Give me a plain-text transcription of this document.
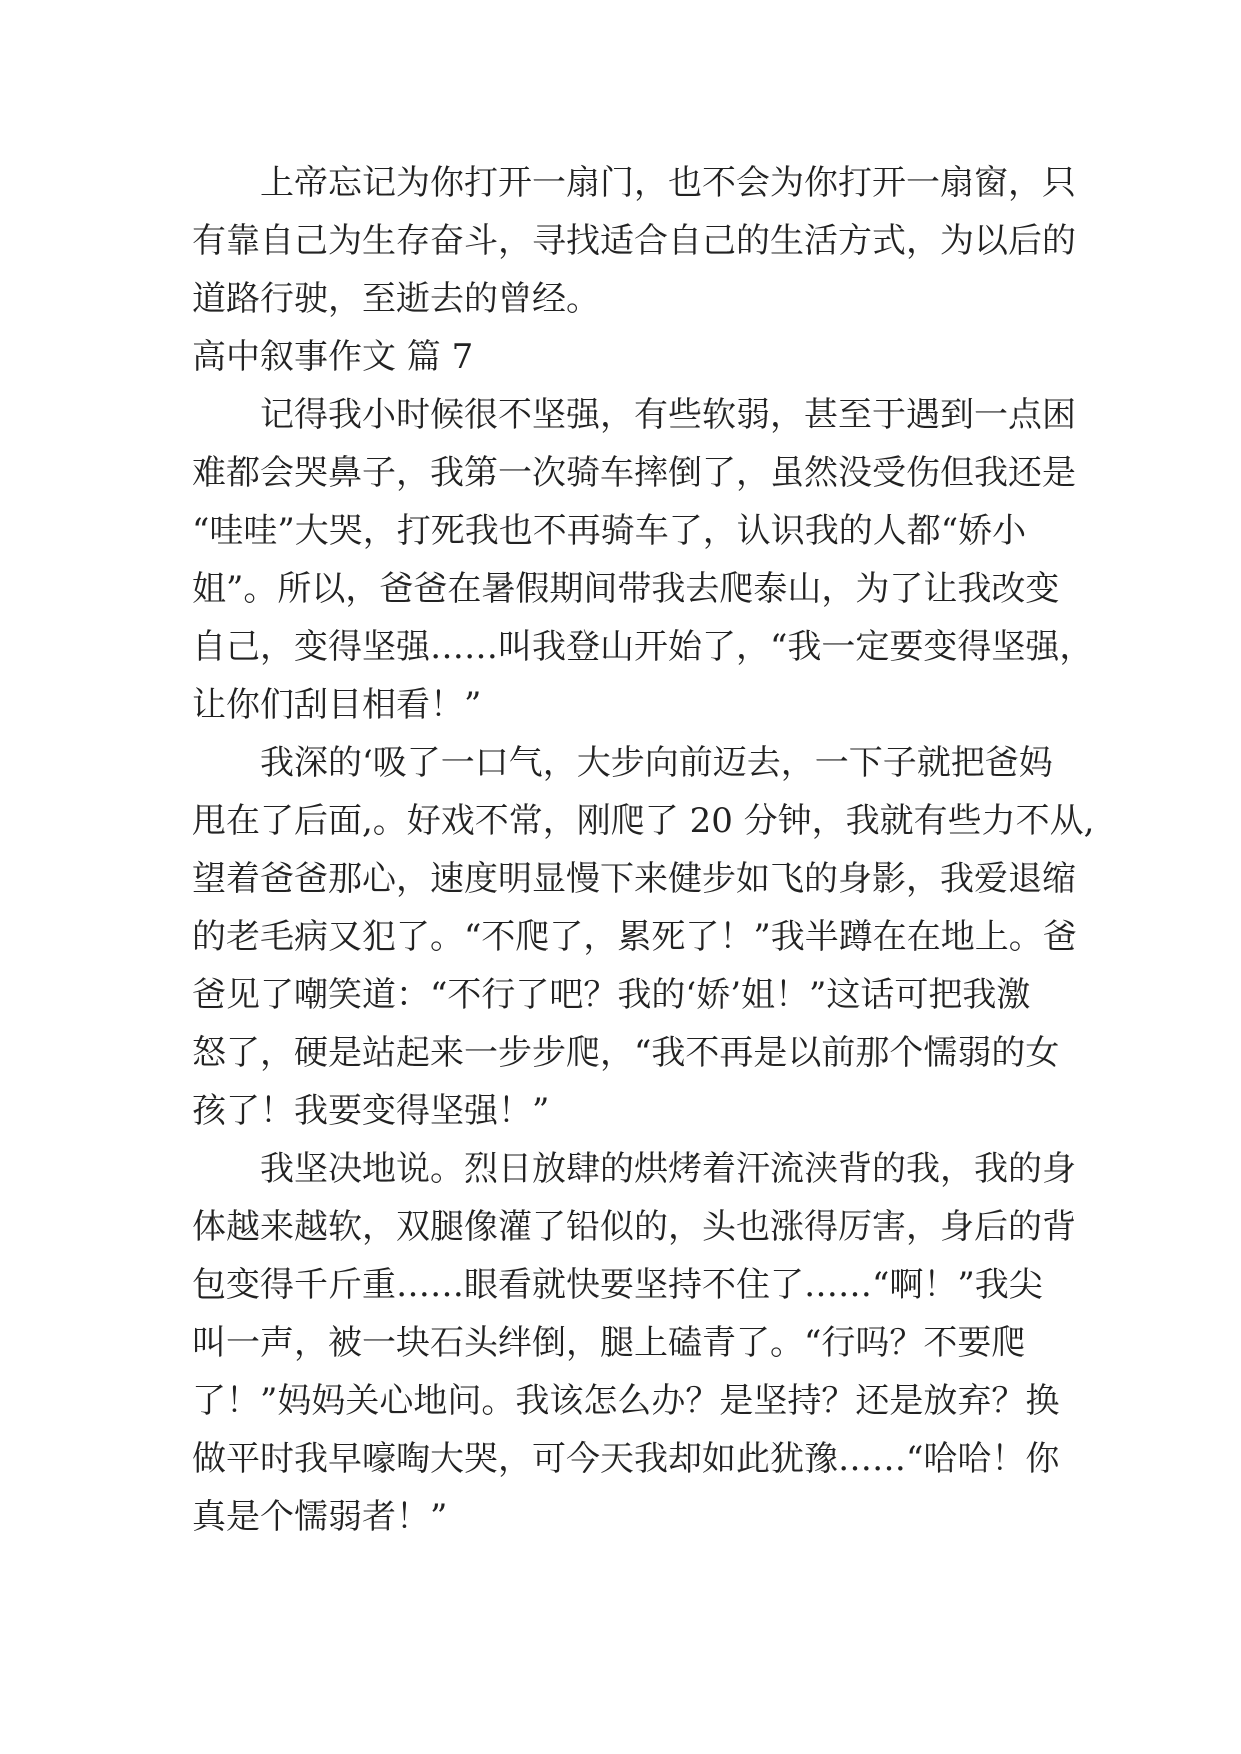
上帝忘记为你打开一扇门，也不会为你打开一扇窗，只
有靠自己为生存奋斗，寻找适合自己的生活方式，为以后的
道路行驶，至逝去的曾经。
高中叙事作文 篇 7
记得我小时候很不坚强，有些软弱，甚至于遇到一点困
难都会哭鼻子，我第一次骑车摔倒了，虽然没受伤但我还是
“哇哇”大哭，打死我也不再骑车了，认识我的人都“娇小
姐”。所以，爸爸在暑假期间带我去爬泰山，为了让我改变
自己，变得坚强……叫我登山开始了，“我一定要变得坚强，
让你们刮目相看！”
我深的‘吸了一口气，大步向前迈去，一下子就把爸妈
甩在了后面,。好戏不常，刚爬了 20 分钟，我就有些力不从,
望着爸爸那心，速度明显慢下来健步如飞的身影，我爱退缩
的老毛病又犯了。“不爬了，累死了！”我半蹲在在地上。爸
爸见了嘲笑道：“不行了吧？我的‘娇’姐！”这话可把我激
怒了，硬是站起来一步步爬，“我不再是以前那个懦弱的女
孩了！我要变得坚强！”
我坚决地说。烈日放肆的烘烤着汗流浃背的我，我的身
体越来越软，双腿像灌了铅似的，头也涨得厉害，身后的背
包变得千斤重……眼看就快要坚持不住了……“啊！”我尖
叫一声，被一块石头绊倒，腿上磕青了。“行吗？不要爬
了！”妈妈关心地问。我该怎么办？是坚持？还是放弃？换
做平时我早嚎啕大哭，可今天我却如此犹豫……“哈哈！你
真是个懦弱者！”
